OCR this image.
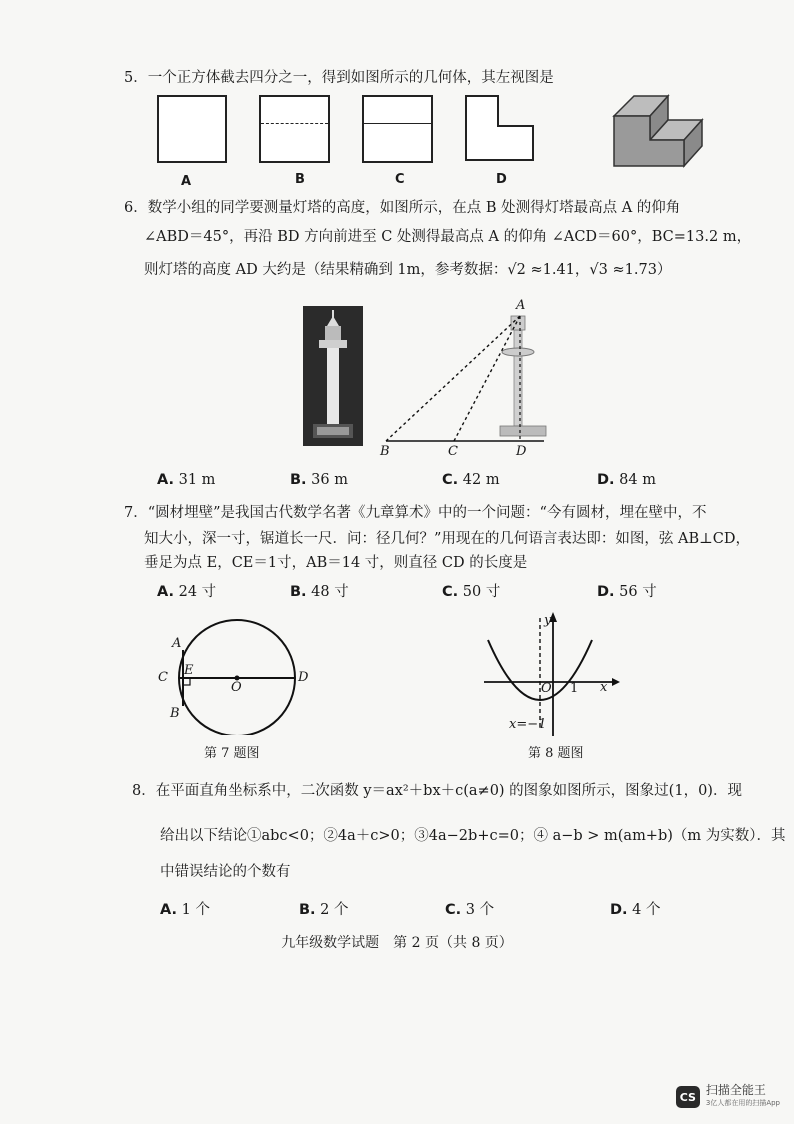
5．一个正方体截去四分之一，得到如图所示的几何体，其左视图是
A	B	C	D
6．数学小组的同学要测量灯塔的高度，如图所示，在点 B 处测得灯塔最高点 A 的仰角
∠ABD＝45°，再沿 BD 方向前进至 C 处测得最高点 A 的仰角 ∠ACD＝60°，BC=13.2 m，
则灯塔的高度 AD 大约是（结果精确到 1m，参考数据：√2 ≈1.41，√3 ≈1.73）
A
B	C	D
A. 31 m	B. 36 m	C. 42 m	D. 84 m
7．“圆材埋壁”是我国古代数学名著《九章算术》中的一个问题：“今有圆材，埋在壁中，不
知大小，深一寸，锯道长一尺．问：径几何？”用现在的几何语言表达即：如图，弦 AB⊥CD，
垂足为点 E，CE＝1寸，AB＝14 寸，则直径 CD 的长度是
A. 24 寸	B. 48 寸	C. 50 寸	D. 56 寸
A
C E
O
D
B
第 7 题图
y
x
O 1
x=−1
第 8 题图
8．在平面直角坐标系中，二次函数 y＝ax²＋bx＋c(a≠0) 的图象如图所示，图象过(1，0)．现
给出以下结论①abc<0；②4a＋c>0；③4a−2b+c=0；④ a−b > m(am+b)（m 为实数）．其
中错误结论的个数有
A. 1 个	B. 2 个	C. 3 个	D. 4 个
九年级数学试题　第 2 页（共 8 页）
CS 扫描全能王
3亿人都在用的扫描App
